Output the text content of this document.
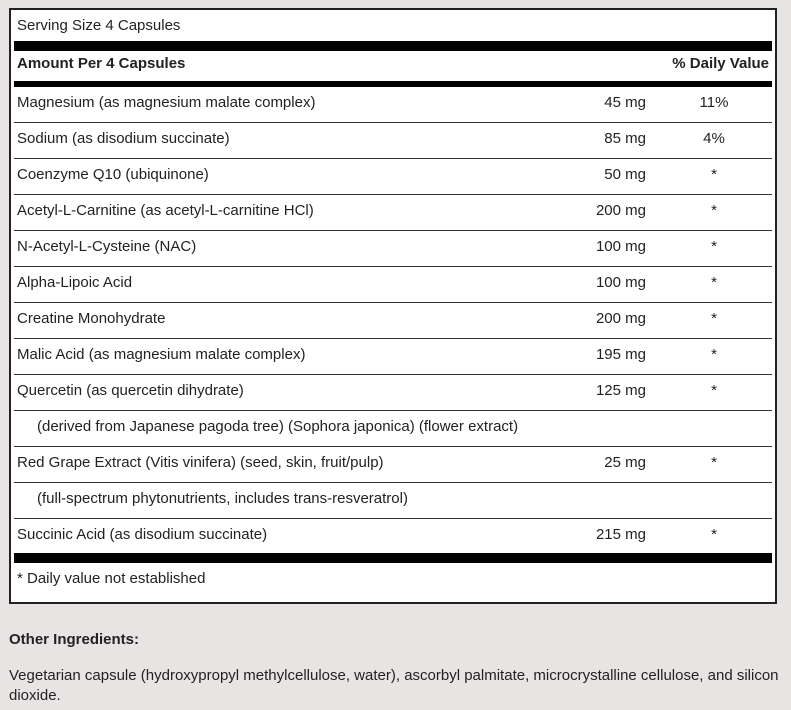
Serving Size 4 Capsules
Amount Per 4 Capsules	% Daily Value
Magnesium (as magnesium malate complex)	45 mg	11%
Sodium (as disodium succinate)	85 mg	4%
Coenzyme Q10 (ubiquinone)	50 mg	*
Acetyl-L-Carnitine (as acetyl-L-carnitine HCl)	200 mg	*
N-Acetyl-L-Cysteine (NAC)	100 mg	*
Alpha-Lipoic Acid	100 mg	*
Creatine Monohydrate	200 mg	*
Malic Acid (as magnesium malate complex)	195 mg	*
Quercetin (as quercetin dihydrate)	125 mg	*
(derived from Japanese pagoda tree) (Sophora japonica) (flower extract)
Red Grape Extract (Vitis vinifera) (seed, skin, fruit/pulp)	25 mg	*
(full-spectrum phytonutrients, includes trans-resveratrol)
Succinic Acid (as disodium succinate)	215 mg	*
* Daily value not established
Other Ingredients:
Vegetarian capsule (hydroxypropyl methylcellulose, water), ascorbyl palmitate, microcrystalline cellulose, and silicon dioxide.
